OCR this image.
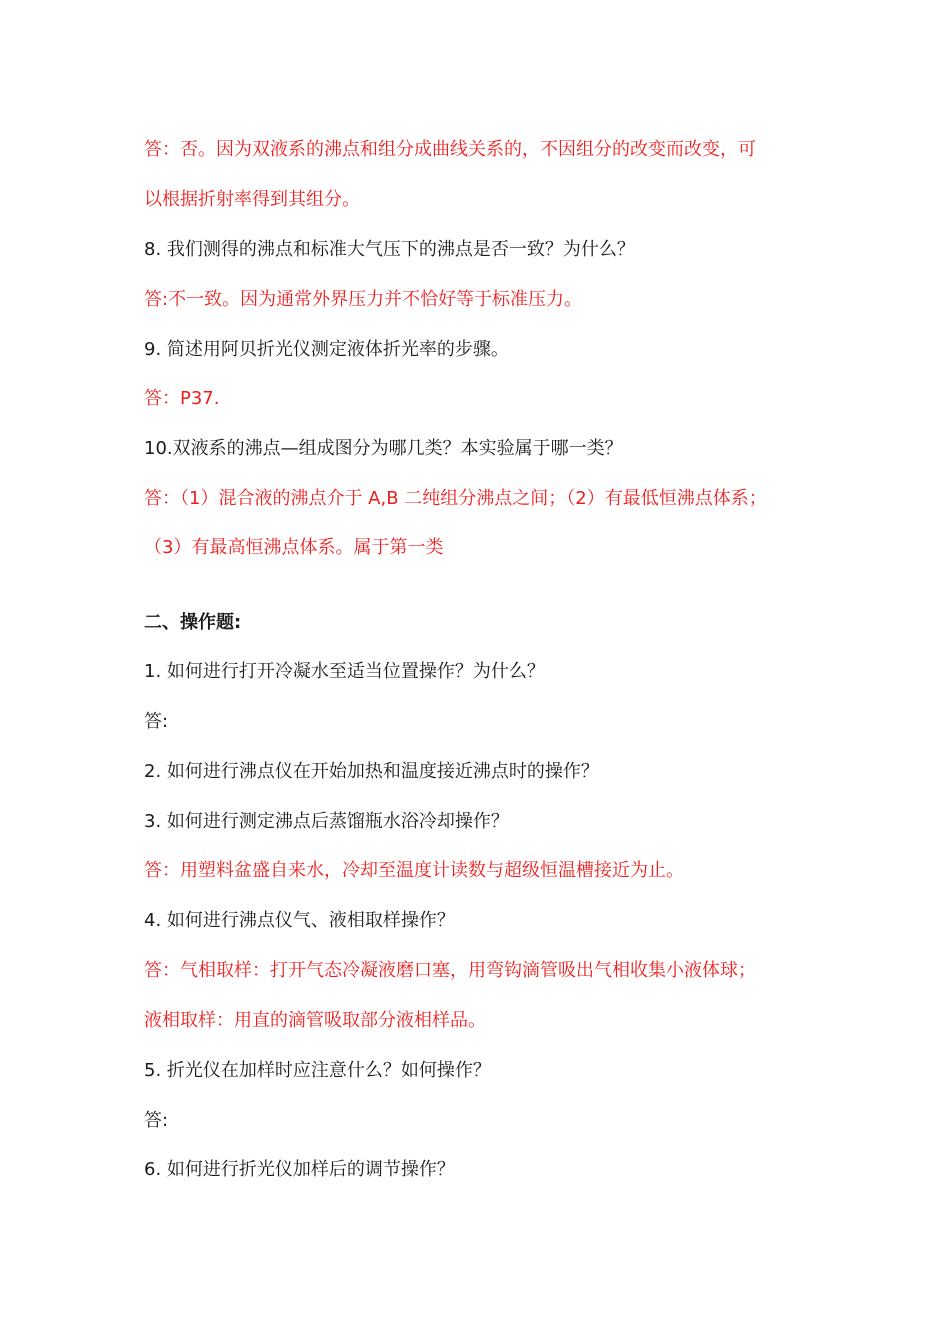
答：否。因为双液系的沸点和组分成曲线关系的，不因组分的改变而改变，可
以根据折射率得到其组分。
8. 我们测得的沸点和标准大气压下的沸点是否一致？为什么？
答:不一致。因为通常外界压力并不恰好等于标准压力。
9. 简述用阿贝折光仪测定液体折光率的步骤。
答：P37.
10.双液系的沸点—组成图分为哪几类？本实验属于哪一类？
答：（1）混合液的沸点介于 A,B 二纯组分沸点之间；（2）有最低恒沸点体系；
（3）有最高恒沸点体系。属于第一类
二、操作题:
1. 如何进行打开冷凝水至适当位置操作？为什么？
答:
2. 如何进行沸点仪在开始加热和温度接近沸点时的操作？
3. 如何进行测定沸点后蒸馏瓶水浴冷却操作？
答：用塑料盆盛自来水，冷却至温度计读数与超级恒温槽接近为止。
4. 如何进行沸点仪气、液相取样操作？
答：气相取样：打开气态冷凝液磨口塞，用弯钩滴管吸出气相收集小液体球；
液相取样：用直的滴管吸取部分液相样品。
5. 折光仪在加样时应注意什么？如何操作？
答:
6. 如何进行折光仪加样后的调节操作？
